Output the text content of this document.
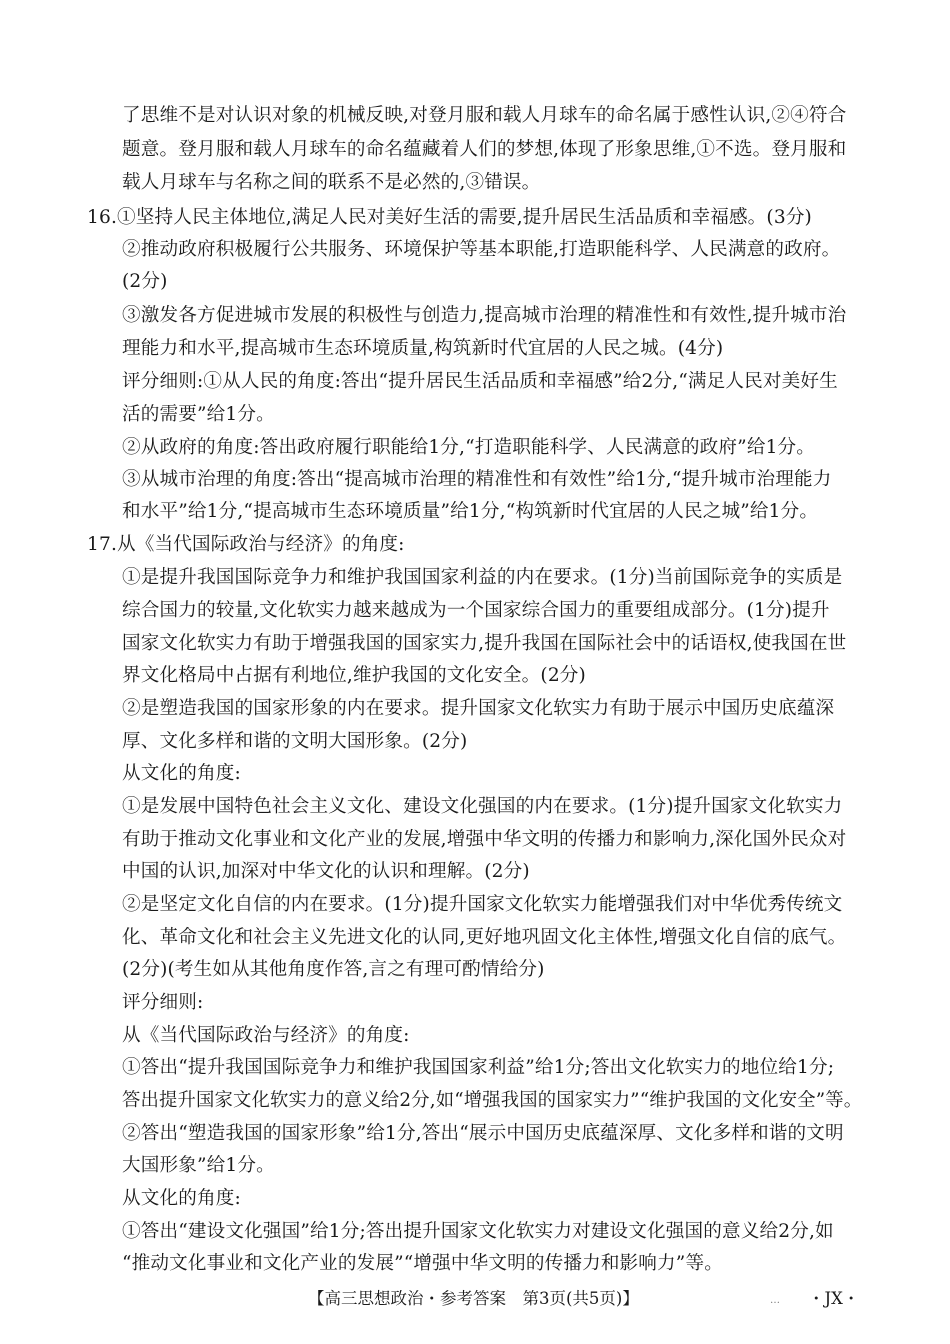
了思维不是对认识对象的机械反映,对登月服和载人月球车的命名属于感性认识,②④符合
题意。登月服和载人月球车的命名蕴藏着人们的梦想,体现了形象思维,①不选。登月服和
载人月球车与名称之间的联系不是必然的,③错误。
16.①坚持人民主体地位,满足人民对美好生活的需要,提升居民生活品质和幸福感。(3分)
②推动政府积极履行公共服务、环境保护等基本职能,打造职能科学、人民满意的政府。
(2分)
③激发各方促进城市发展的积极性与创造力,提高城市治理的精准性和有效性,提升城市治
理能力和水平,提高城市生态环境质量,构筑新时代宜居的人民之城。(4分)
评分细则:①从人民的角度:答出“提升居民生活品质和幸福感”给2分,“满足人民对美好生
活的需要”给1分。
②从政府的角度:答出政府履行职能给1分,“打造职能科学、人民满意的政府”给1分。
③从城市治理的角度:答出“提高城市治理的精准性和有效性”给1分,“提升城市治理能力
和水平”给1分,“提高城市生态环境质量”给1分,“构筑新时代宜居的人民之城”给1分。
17.从《当代国际政治与经济》的角度:
①是提升我国国际竞争力和维护我国国家利益的内在要求。(1分)当前国际竞争的实质是
综合国力的较量,文化软实力越来越成为一个国家综合国力的重要组成部分。(1分)提升
国家文化软实力有助于增强我国的国家实力,提升我国在国际社会中的话语权,使我国在世
界文化格局中占据有利地位,维护我国的文化安全。(2分)
②是塑造我国的国家形象的内在要求。提升国家文化软实力有助于展示中国历史底蕴深
厚、文化多样和谐的文明大国形象。(2分)
从文化的角度:
①是发展中国特色社会主义文化、建设文化强国的内在要求。(1分)提升国家文化软实力
有助于推动文化事业和文化产业的发展,增强中华文明的传播力和影响力,深化国外民众对
中国的认识,加深对中华文化的认识和理解。(2分)
②是坚定文化自信的内在要求。(1分)提升国家文化软实力能增强我们对中华优秀传统文
化、革命文化和社会主义先进文化的认同,更好地巩固文化主体性,增强文化自信的底气。
(2分)(考生如从其他角度作答,言之有理可酌情给分)
评分细则:
从《当代国际政治与经济》的角度:
①答出“提升我国国际竞争力和维护我国国家利益”给1分;答出文化软实力的地位给1分;
答出提升国家文化软实力的意义给2分,如“增强我国的国家实力”“维护我国的文化安全”等。
②答出“塑造我国的国家形象”给1分,答出“展示中国历史底蕴深厚、文化多样和谐的文明
大国形象”给1分。
从文化的角度:
①答出“建设文化强国”给1分;答出提升国家文化软实力对建设文化强国的意义给2分,如
“推动文化事业和文化产业的发展”“增强中华文明的传播力和影响力”等。
【高三思想政治・参考答案　第3页(共5页)】	… ・JX・
